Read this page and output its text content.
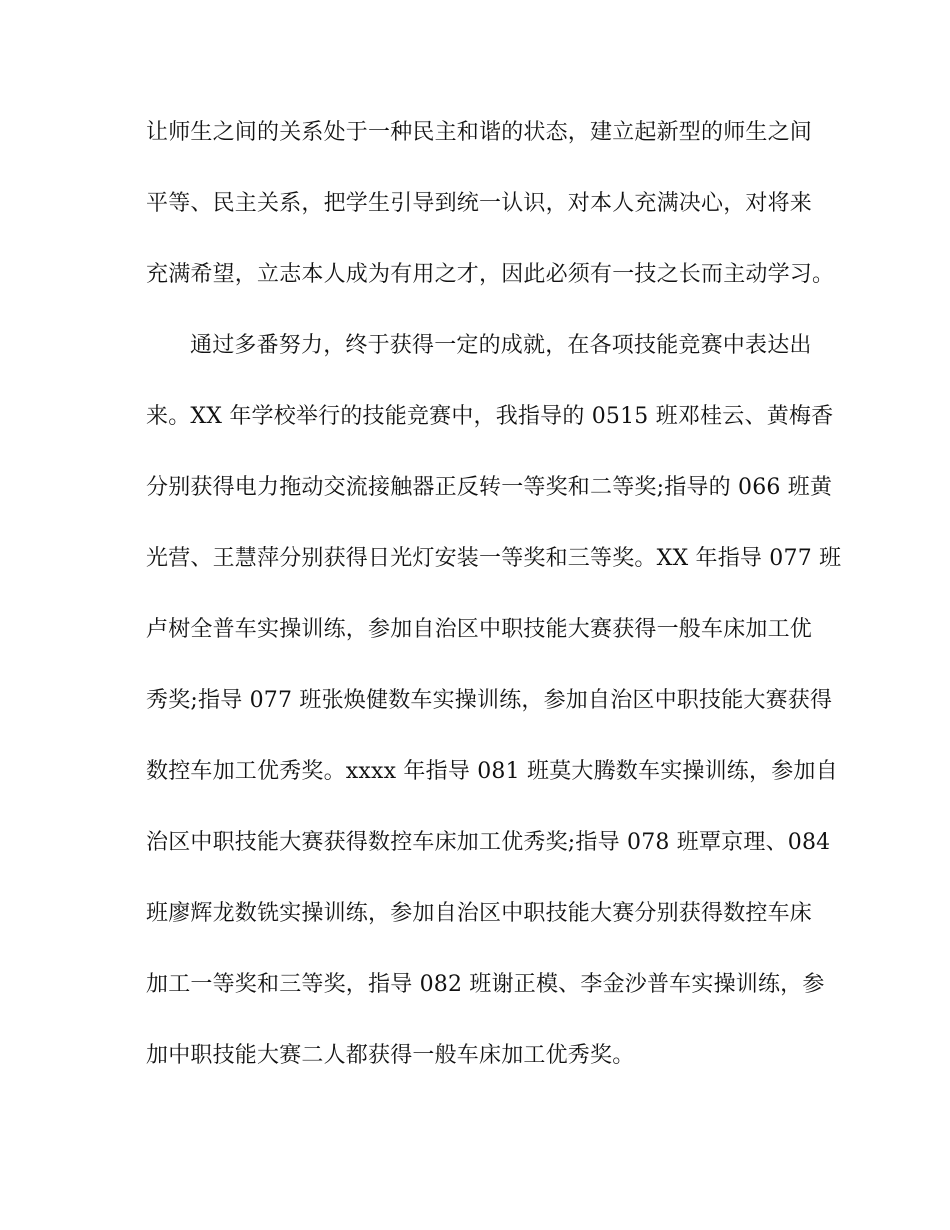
让师生之间的关系处于一种民主和谐的状态，建立起新型的师生之间
平等、民主关系，把学生引导到统一认识，对本人充满决心，对将来
充满希望，立志本人成为有用之才，因此必须有一技之长而主动学习。
通过多番努力，终于获得一定的成就，在各项技能竞赛中表达出
来。XX 年学校举行的技能竞赛中，我指导的 0515 班邓桂云、黄梅香
分别获得电力拖动交流接触器正反转一等奖和二等奖;指导的 066 班黄
光营、王慧萍分别获得日光灯安装一等奖和三等奖。XX 年指导 077 班
卢树全普车实操训练，参加自治区中职技能大赛获得一般车床加工优
秀奖;指导 077 班张焕健数车实操训练，参加自治区中职技能大赛获得
数控车加工优秀奖。xxxx 年指导 081 班莫大腾数车实操训练，参加自
治区中职技能大赛获得数控车床加工优秀奖;指导 078 班覃京理、084
班廖辉龙数铣实操训练，参加自治区中职技能大赛分别获得数控车床
加工一等奖和三等奖，指导 082 班谢正模、李金沙普车实操训练，参
加中职技能大赛二人都获得一般车床加工优秀奖。
